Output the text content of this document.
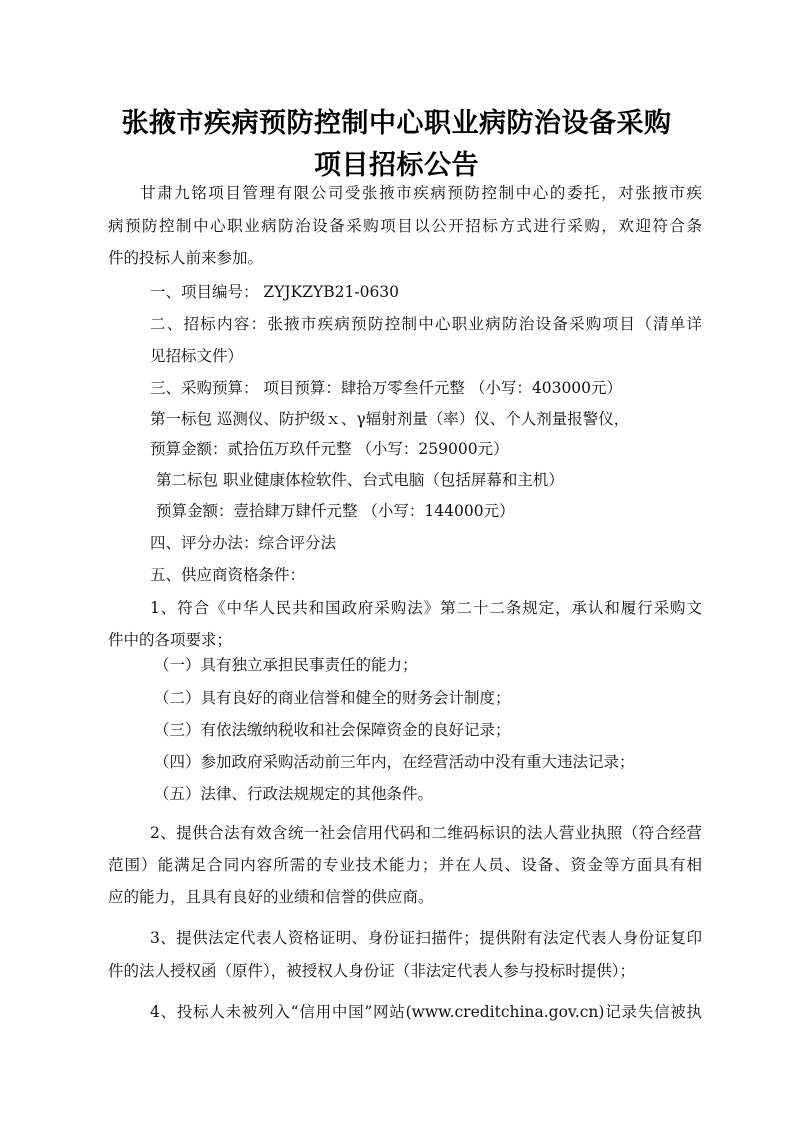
张掖市疾病预防控制中心职业病防治设备采购
项目招标公告
甘肃九铭项目管理有限公司受张掖市疾病预防控制中心的委托，对张掖市疾
病预防控制中心职业病防治设备采购项目以公开招标方式进行采购，欢迎符合条
件的投标人前来参加。
一、项目编号： ZYJKZYB21-0630
二、招标内容：张掖市疾病预防控制中心职业病防治设备采购项目（清单详
见招标文件）
三、采购预算： 项目预算：肆拾万零叁仟元整 （小写：403000元）
第一标包 巡测仪、防护级ｘ、γ辐射剂量（率）仪、个人剂量报警仪，
预算金额：贰拾伍万玖仟元整 （小写：259000元）
第二标包 职业健康体检软件、台式电脑（包括屏幕和主机）
预算金额：壹拾肆万肆仟元整 （小写：144000元）
四、评分办法：综合评分法
五、供应商资格条件：
1、符合《中华人民共和国政府采购法》第二十二条规定，承认和履行采购文
件中的各项要求；
（一）具有独立承担民事责任的能力；
（二）具有良好的商业信誉和健全的财务会计制度；
（三）有依法缴纳税收和社会保障资金的良好记录；
（四）参加政府采购活动前三年内，在经营活动中没有重大违法记录；
（五）法律、行政法规规定的其他条件。
2、提供合法有效含统一社会信用代码和二维码标识的法人营业执照（符合经营
范围）能满足合同内容所需的专业技术能力；并在人员、设备、资金等方面具有相
应的能力，且具有良好的业绩和信誉的供应商。
3、提供法定代表人资格证明、身份证扫描件；提供附有法定代表人身份证复印
件的法人授权函（原件），被授权人身份证（非法定代表人参与投标时提供）；
4、投标人未被列入“信用中国”网站(www.creditchina.gov.cn)记录失信被执
